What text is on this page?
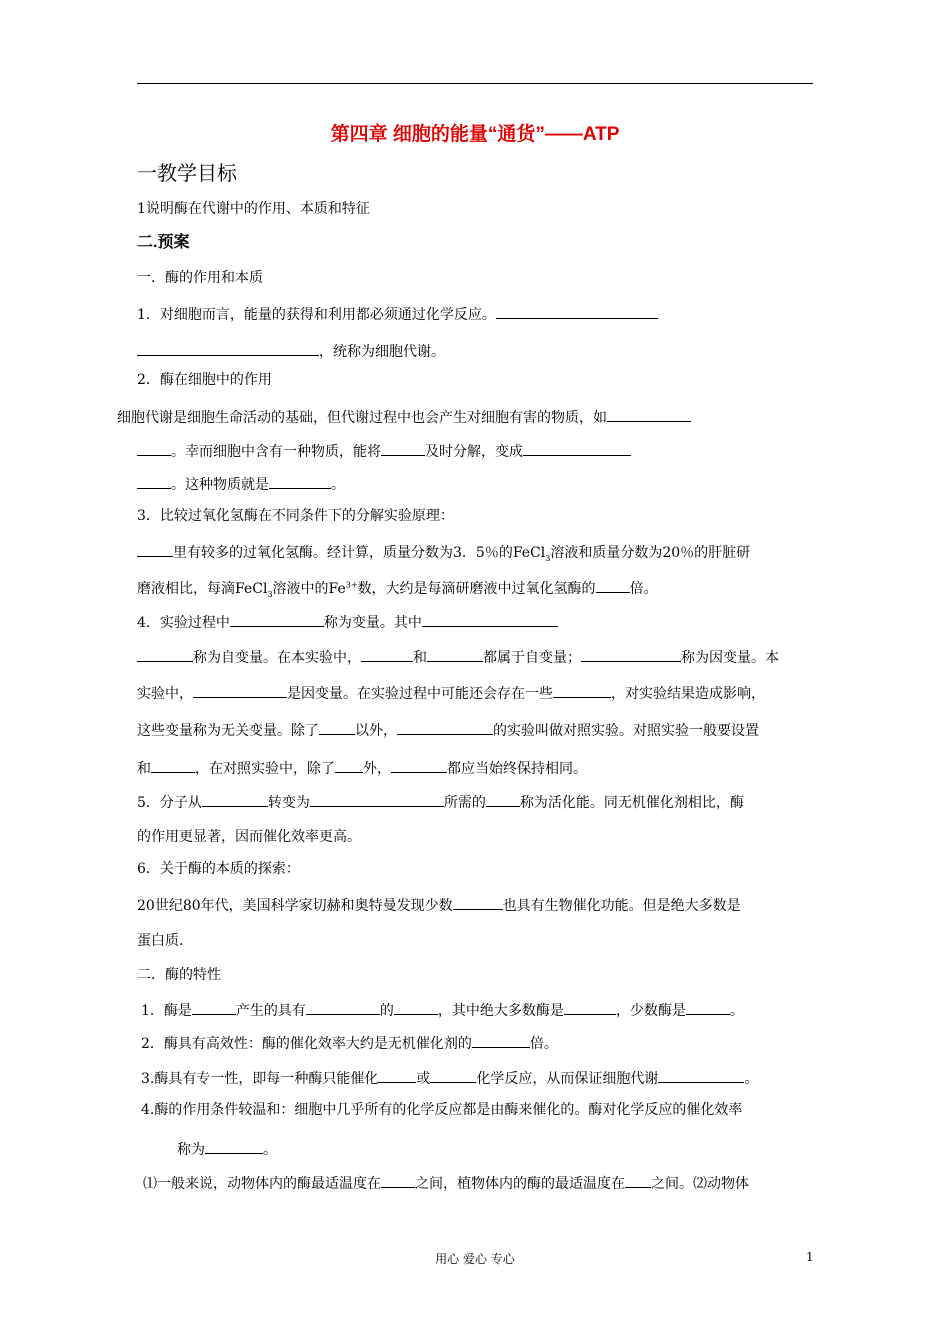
第四章 细胞的能量“通货”——ATP
一教学目标
1说明酶在代谢中的作用、本质和特征
二.预案
一．酶的作用和本质
1．对细胞而言，能量的获得和利用都必须通过化学反应。
，统称为细胞代谢。
2．酶在细胞中的作用
细胞代谢是细胞生命活动的基础，但代谢过程中也会产生对细胞有害的物质，如
。幸而细胞中含有一种物质，能将	及时分解，变成
。这种物质就是	。
3．比较过氧化氢酶在不同条件下的分解实验原理：
里有较多的过氧化氢酶。经计算，质量分数为3．5％的FeCl$_3$溶液和质量分数为20％的肝脏研
磨液相比，每滴FeCl$_3$溶液中的$Fe^{3+}$数，大约是每滴研磨液中过氧化氢酶的 倍。
4．实验过程中	称为变量。其中
称为自变量。在本实验中，	和	都属于自变量；	称为因变量。本
实验中，	是因变量。在实验过程中可能还会存在一些	，对实验结果造成影响，
这些变量称为无关变量。除了	以外，	的实验叫做对照实验。对照实验一般要设置
和	，在对照实验中，除了 外，	都应当始终保持相同。
5．分子从	转变为	所需的 称为活化能。同无机催化剂相比，酶
的作用更显著，因而催化效率更高。
6．关于酶的本质的探索：
20世纪80年代，美国科学家切赫和奥特曼发现少数	也具有生物催化功能。但是绝大多数是
蛋白质.
二．酶的特性
1．酶是	产生的具有	的	，其中绝大多数酶是	，少数酶是	。
2．酶具有高效性：酶的催化效率大约是无机催化剂的	倍。
3.酶具有专一性，即每一种酶只能催化	或	化学反应，从而保证细胞代谢	。
4.酶的作用条件较温和：细胞中几乎所有的化学反应都是由酶来催化的。酶对化学反应的催化效率
称为	。
⑴一般来说，动物体内的酶最适温度在 之间，植物体内的酶的最适温度在 之间。⑵动物体
用心 爱心 专心	1
